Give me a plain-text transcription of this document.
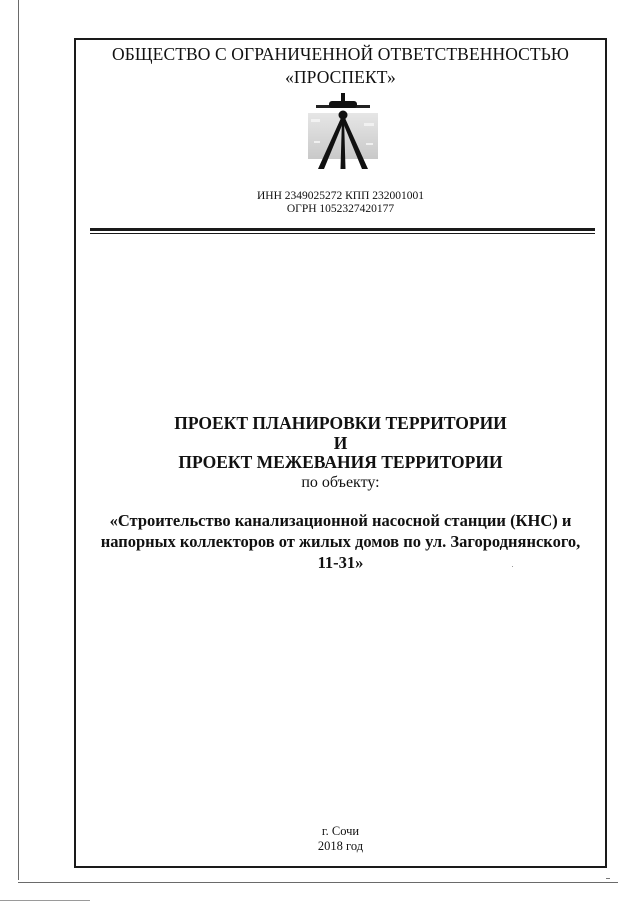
ОБЩЕСТВО С ОГРАНИЧЕННОЙ ОТВЕТСТВЕННОСТЬЮ
«ПРОСПЕКТ»
ИНН 2349025272 КПП 232001001
ОГРН 1052327420177
ПРОЕКТ ПЛАНИРОВКИ ТЕРРИТОРИИ
И
ПРОЕКТ МЕЖЕВАНИЯ ТЕРРИТОРИИ
по объекту:
«Строительство канализационной насосной станции (КНС) и
напорных коллекторов от жилых домов по ул. Загороднянского,
11-31»
г. Сочи
2018 год
